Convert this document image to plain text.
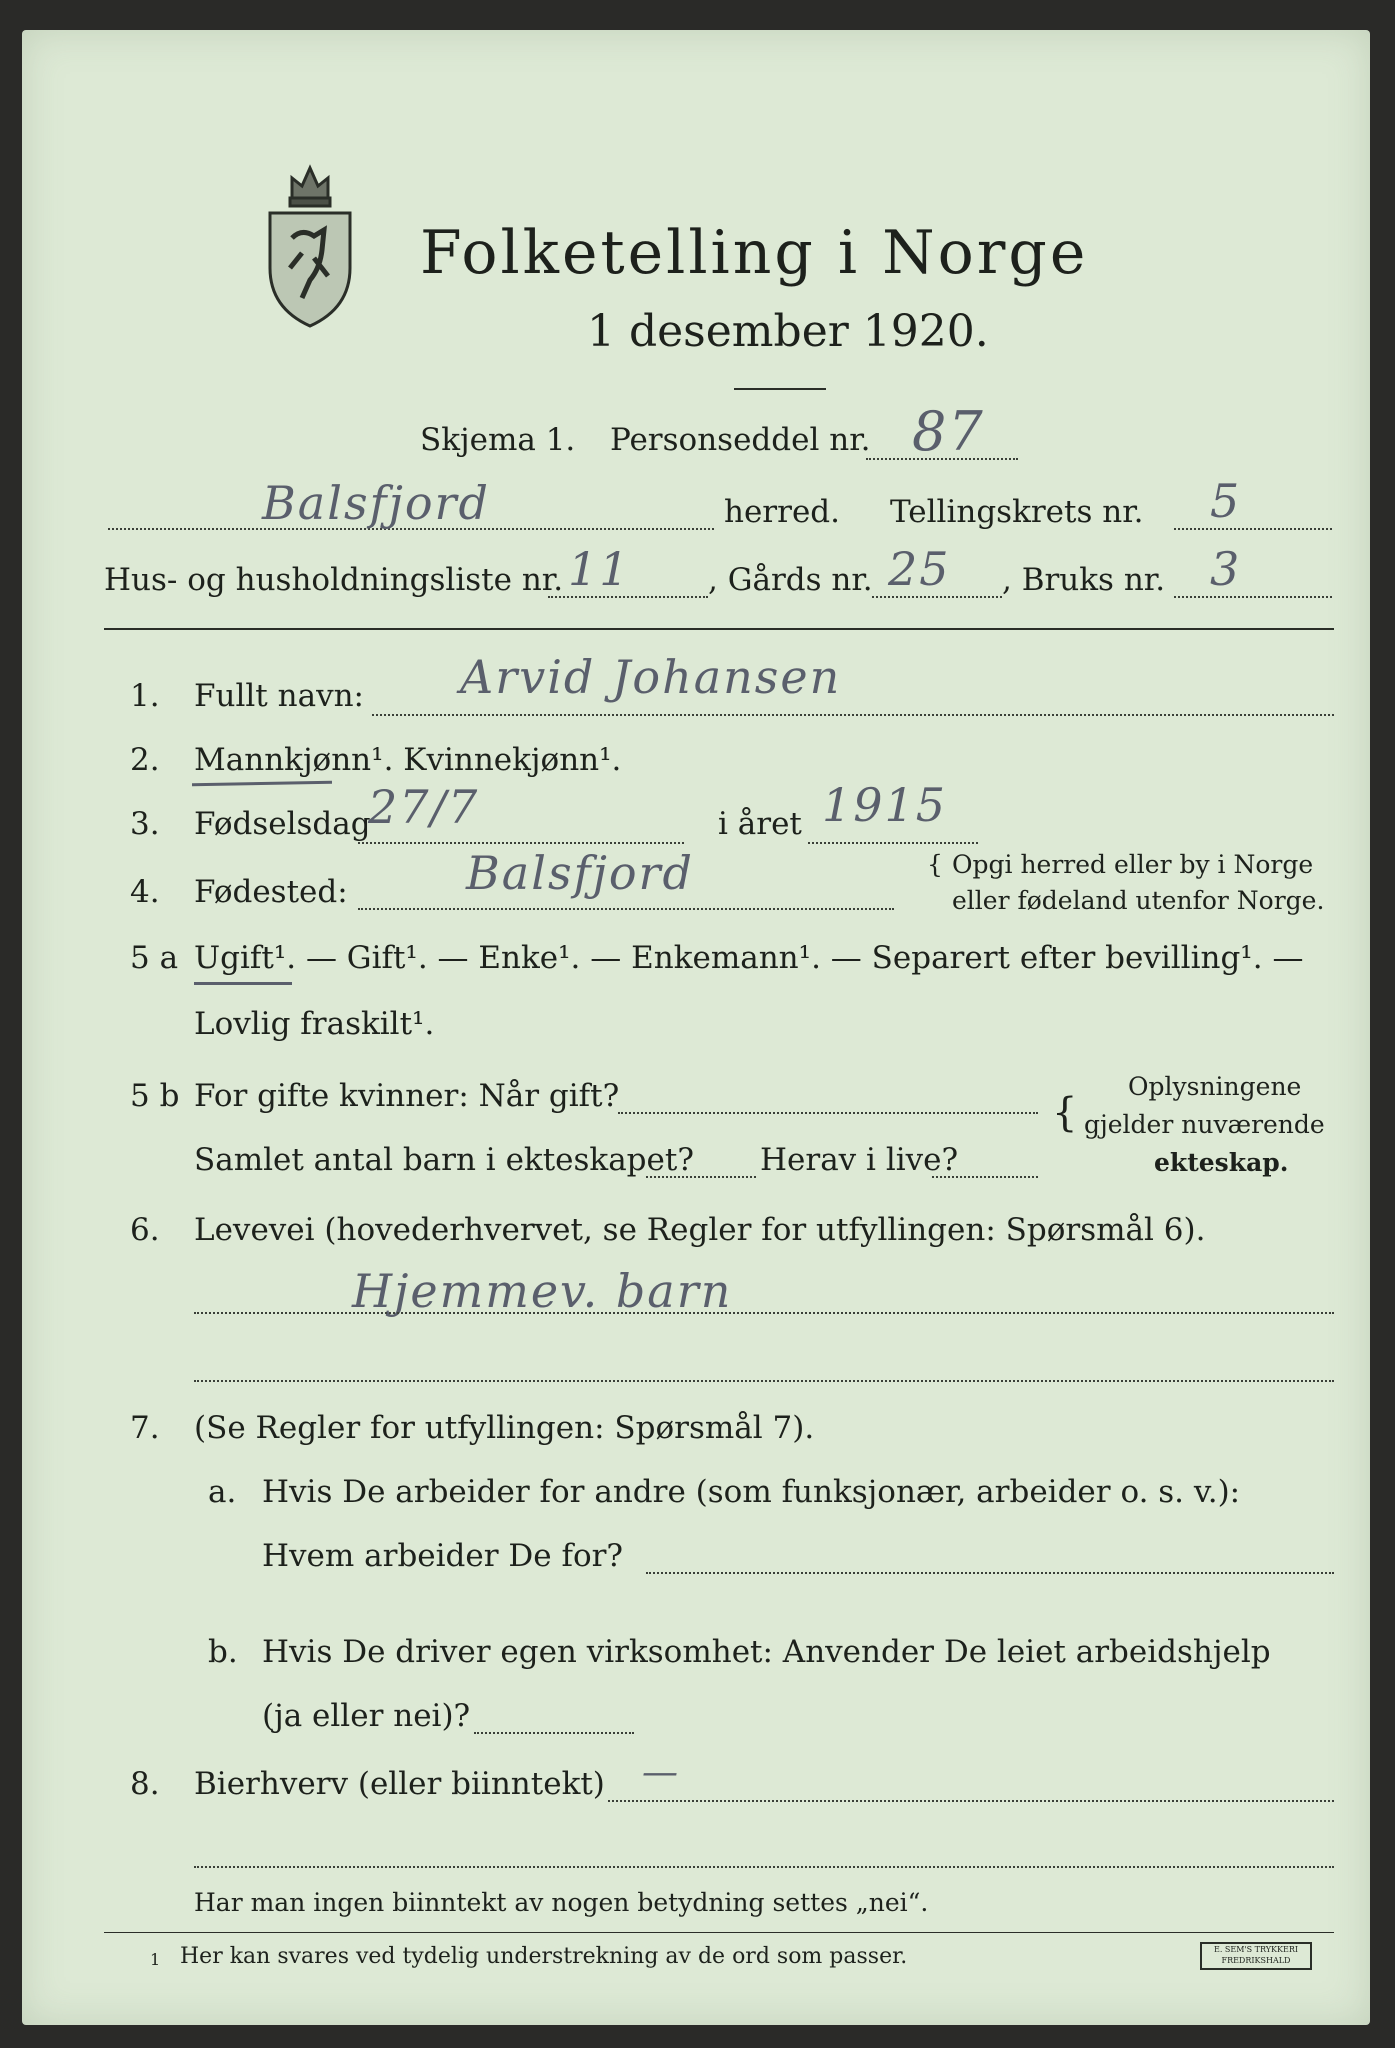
Folketelling i Norge
1 desember 1920.
Skjema 1. Personseddel nr. 87
Balsfjord	herred. Tellingskrets nr. 5
Hus- og husholdningsliste nr. 11 , Gårds nr. 25 , Bruks nr. 3
1. Fullt navn: Arvid Johansen
2. Mannkjønn¹. Kvinnekjønn¹.
3. Fødselsdag
27/7	i året 1915
4. Fødested:	Balsfjord	{ Opgi herred eller by i Norge
eller fødeland utenfor Norge.
5 a Ugift¹. — Gift¹. — Enke¹. — Enkemann¹. — Separert efter bevilling¹. —
Lovlig fraskilt¹.
5 b For gifte kvinner: Når gift?
Samlet antal barn i ekteskapet? Herav i live?
{
Oplysningene
gjelder nuværende
ekteskap.
6. Levevei (hovederhvervet, se Regler for utfyllingen: Spørsmål 6).
Hjemmev. barn
7. (Se Regler for utfyllingen: Spørsmål 7).
a. Hvis De arbeider for andre (som funksjonær, arbeider o. s. v.):
Hvem arbeider De for?
b. Hvis De driver egen virksomhet: Anvender De leiet arbeidshjelp
(ja eller nei)?
8. Bierhverv (eller biinntekt) —
Har man ingen biinntekt av nogen betydning settes „nei“.
1 Her kan svares ved tydelig understrekning av de ord som passer.	E. SEM'S TRYKKERI FREDRIKSHALD
